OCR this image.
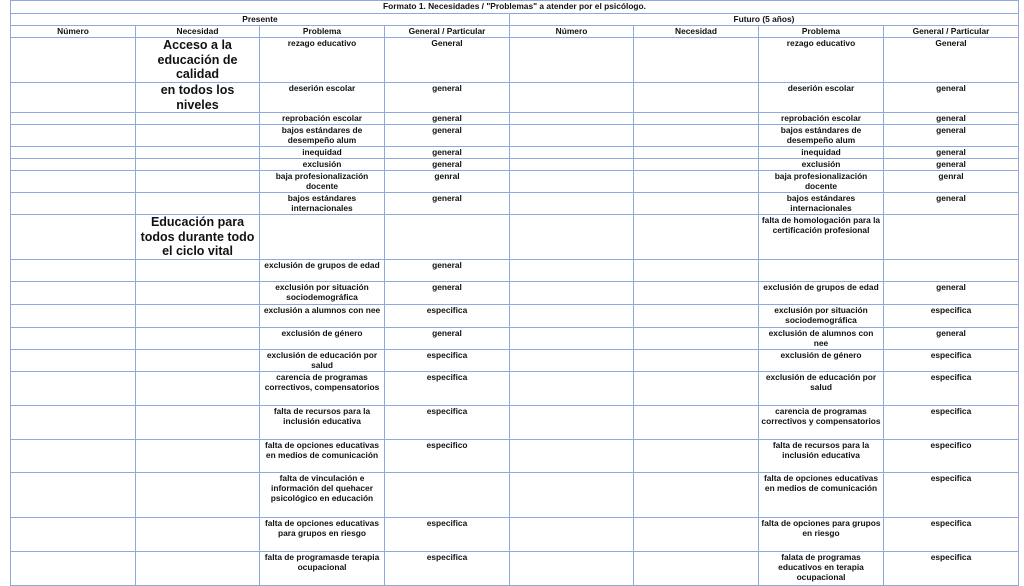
Formato 1. Necesidades / "Problemas" a atender por el psicólogo.							
Presente				Futuro (5 años)			
Número	Necesidad	Problema	General / Particular	Número	Necesidad	Problema	General / Particular
	Acceso a la educación de calidad	rezago educativo	General			rezago educativo	General
	en todos los niveles	deserión escolar	general			deserión escolar	general
		reprobación escolar	general			reprobación escolar	general
		bajos estándares de desempeño alum	general			bajos estándares de desempeño alum	general
		inequidad	general			inequidad	general
		exclusión	general			exclusión	general
		baja profesionalización docente	genral			baja profesionalización docente	genral
		bajos estándares internacionales	general			bajos estándares internacionales	general
	Educación para todos durante todo el ciclo vital					falta de homologación para la certificación profesional	
		exclusión de grupos de edad	general				
		exclusión por situación sociodemográfica	general			exclusión de grupos de edad	general
		exclusión a alumnos con nee	especifica			exclusión por situación sociodemográfica	especifica
		exclusión de género	general			exclusión de alumnos con nee	general
		exclusión de educación por salud	especifica			exclusión de género	especifica
		carencia de programas correctivos, compensatorios	especifica			exclusión de educación por salud	especifica
		falta de recursos para la inclusión educativa	especifica			carencia de programas correctivos y compensatorios	especifica
		falta de opciones educativas en medios de comunicación	especifico			falta de recursos para la inclusión educativa	especifico
		falta de vinculación e información del quehacer psicológico en educación				falta de opciones educativas en medios de comunicación	especifica
		falta de opciones educativas para grupos en riesgo	especifica			falta de opciones para grupos en riesgo	especifica
		falta de programasde terapia ocupacional	especifica			falata de programas educativos en terapia ocupacional	especifica
